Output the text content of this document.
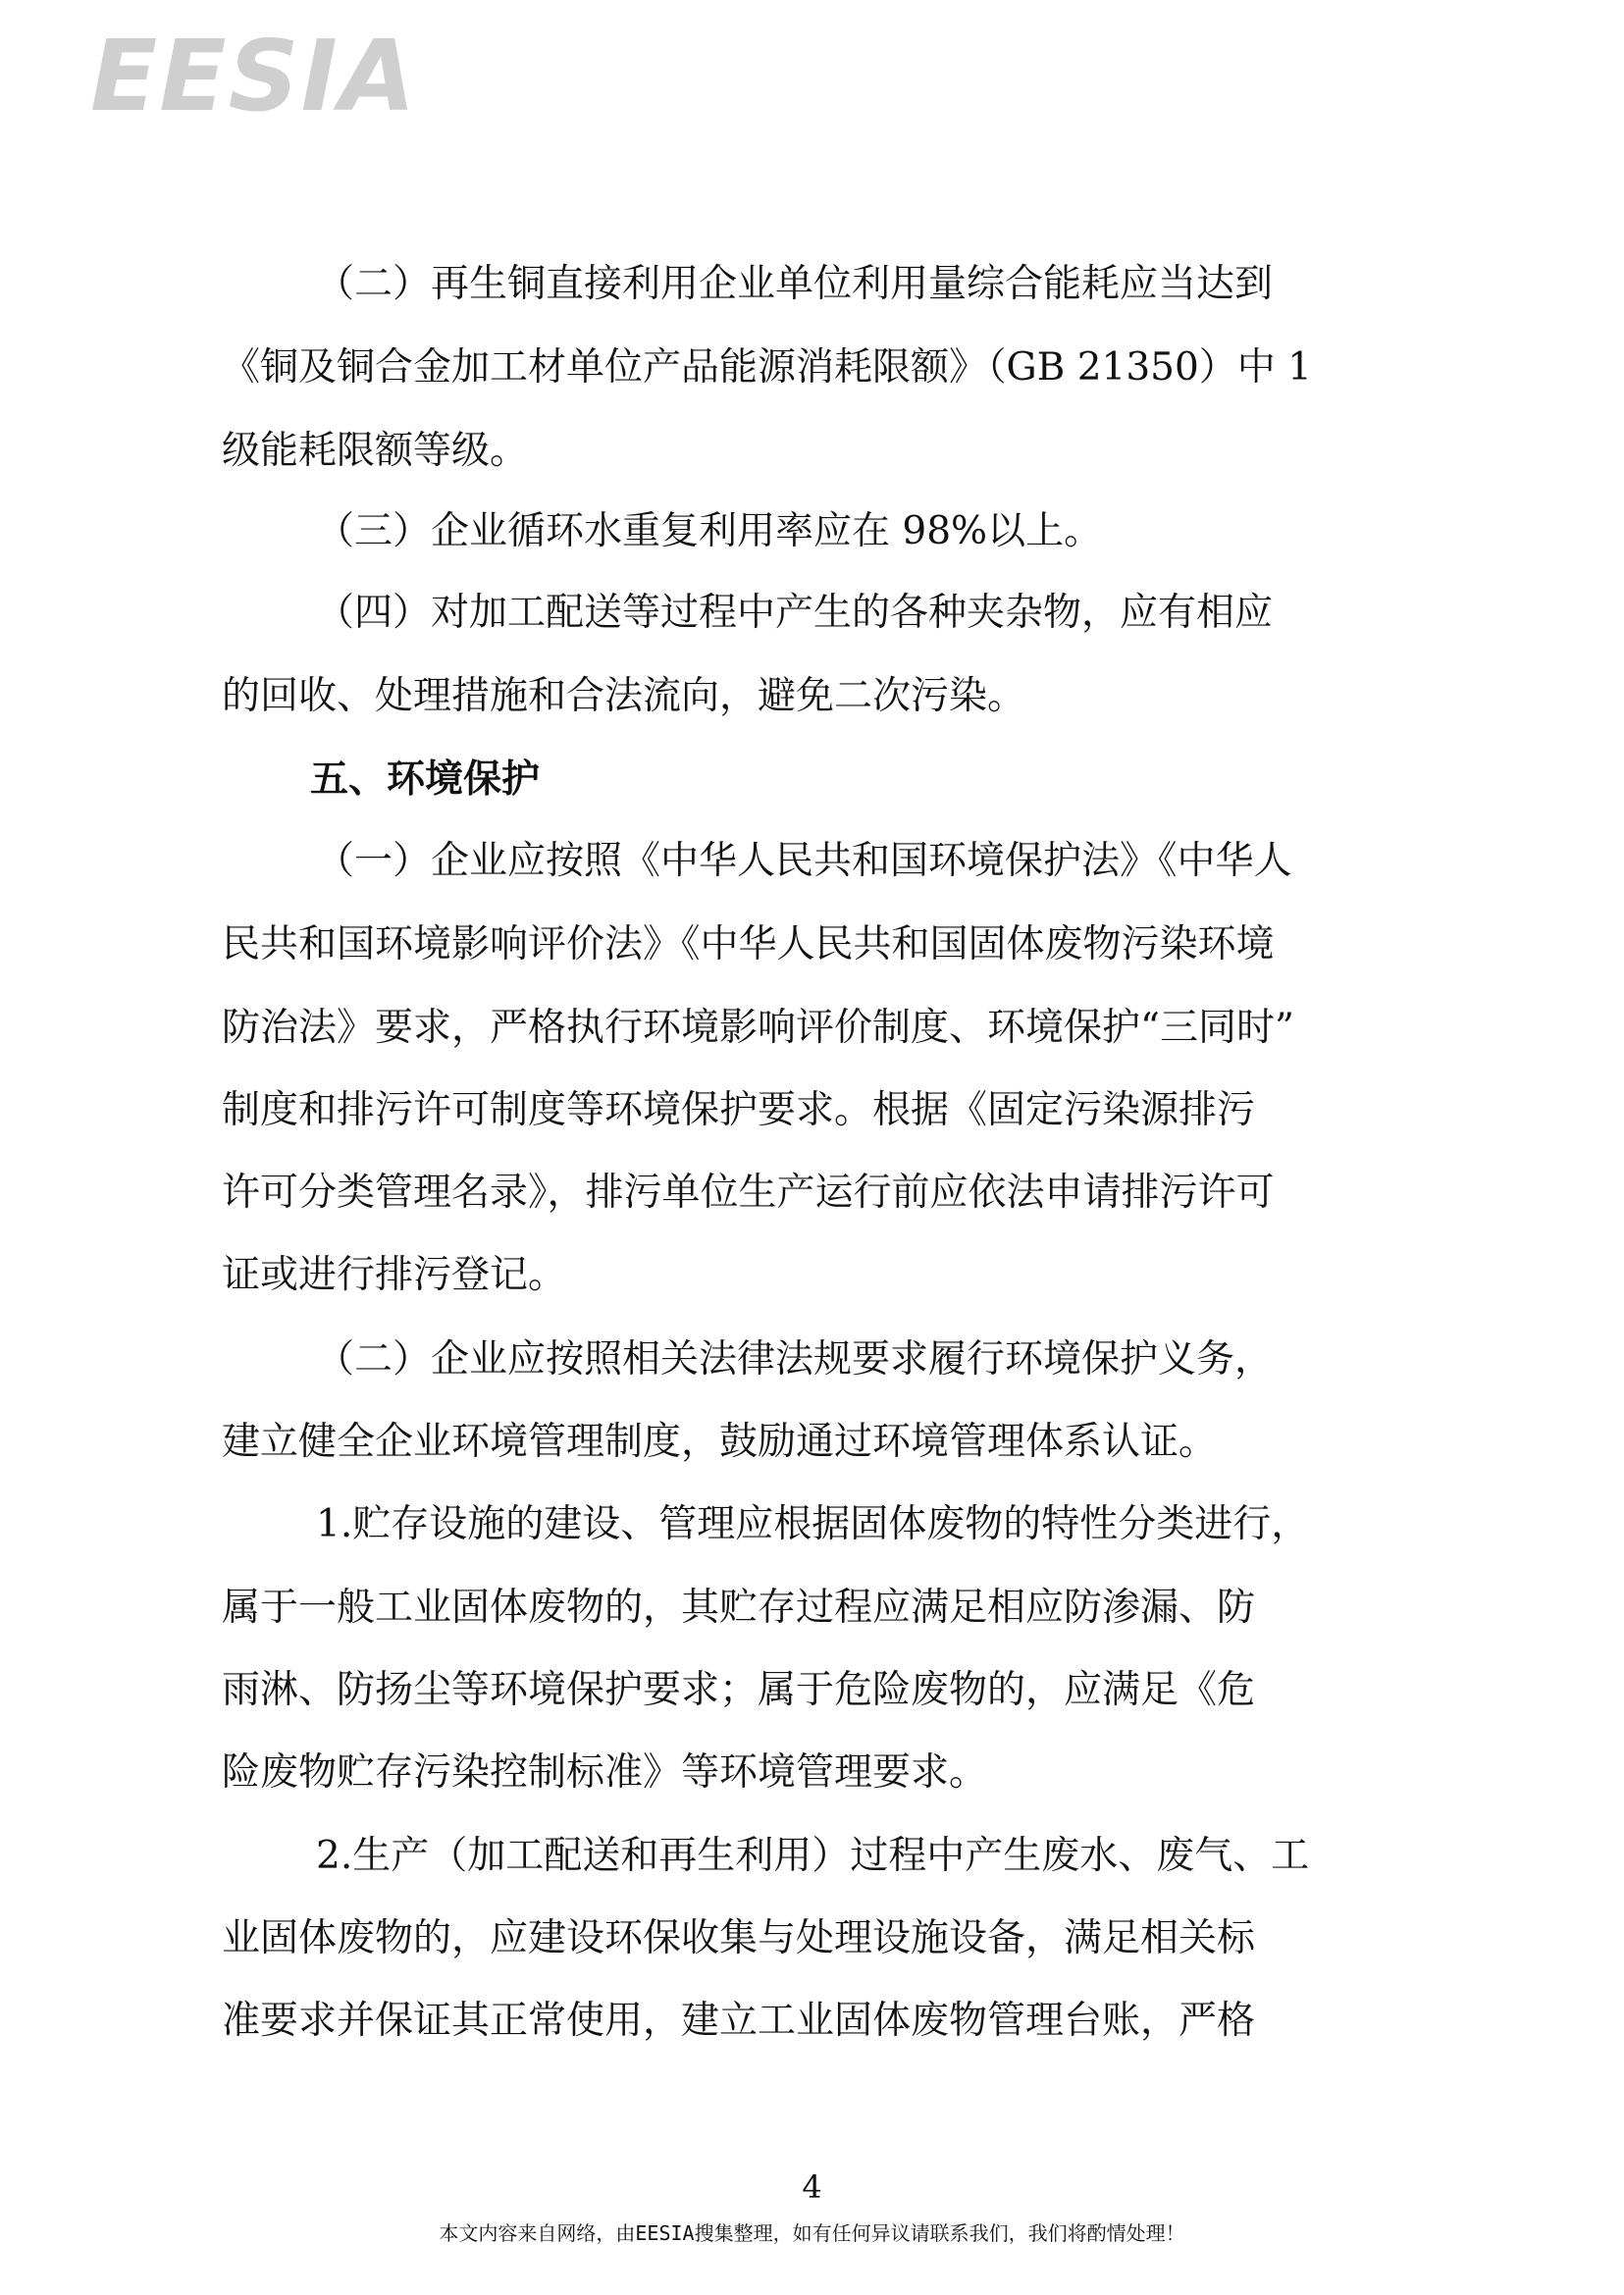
EESIA
（二）再生铜直接利用企业单位利用量综合能耗应当达到
《铜及铜合金加工材单位产品能源消耗限额》（GB 21350）中 1
级能耗限额等级。
（三）企业循环水重复利用率应在 98%以上。
（四）对加工配送等过程中产生的各种夹杂物，应有相应
的回收、处理措施和合法流向，避免二次污染。
五、环境保护
（一）企业应按照《中华人民共和国环境保护法》《中华人
民共和国环境影响评价法》《中华人民共和国固体废物污染环境
防治法》要求，严格执行环境影响评价制度、环境保护“三同时”
制度和排污许可制度等环境保护要求。根据《固定污染源排污
许可分类管理名录》，排污单位生产运行前应依法申请排污许可
证或进行排污登记。
（二）企业应按照相关法律法规要求履行环境保护义务，
建立健全企业环境管理制度，鼓励通过环境管理体系认证。
1.贮存设施的建设、管理应根据固体废物的特性分类进行，
属于一般工业固体废物的，其贮存过程应满足相应防渗漏、防
雨淋、防扬尘等环境保护要求；属于危险废物的，应满足《危
险废物贮存污染控制标准》等环境管理要求。
2.生产（加工配送和再生利用）过程中产生废水、废气、工
业固体废物的，应建设环保收集与处理设施设备，满足相关标
准要求并保证其正常使用，建立工业固体废物管理台账，严格
4
本文内容来自网络，由EESIA搜集整理，如有任何异议请联系我们，我们将酌情处理！
